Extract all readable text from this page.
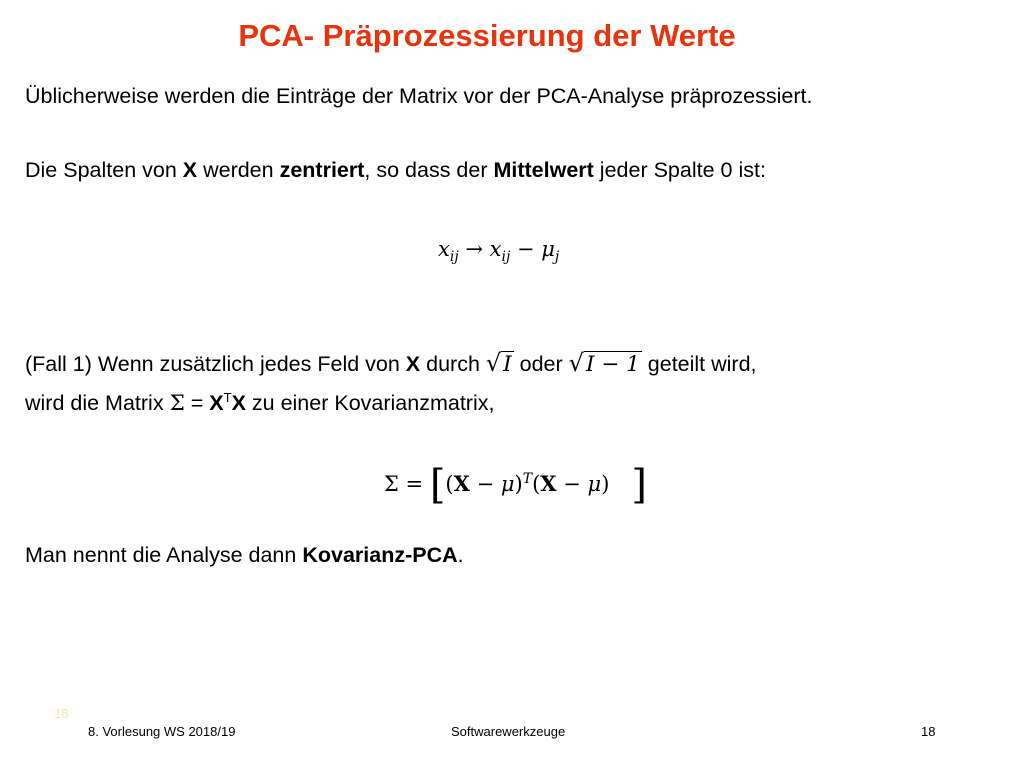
PCA- Präprozessierung der Werte
Üblicherweise werden die Einträge der Matrix vor der PCA-Analyse präprozessiert.
Die Spalten von X werden zentriert, so dass der Mittelwert jeder Spalte 0 ist:
$x_{ij} \to x_{ij} - \mu_j$
(Fall 1) Wenn zusätzlich jedes Feld von X durch √I oder √I − 1 geteilt wird,
wird die Matrix $\Sigma = X^TX$ zu einer Kovarianzmatrix,
$\Sigma = [(X - \mu)^T(X - \mu)$ ]
Man nennt die Analyse dann Kovarianz-PCA.
18
8. Vorlesung WS 2018/19	Softwarewerkzeuge	18
